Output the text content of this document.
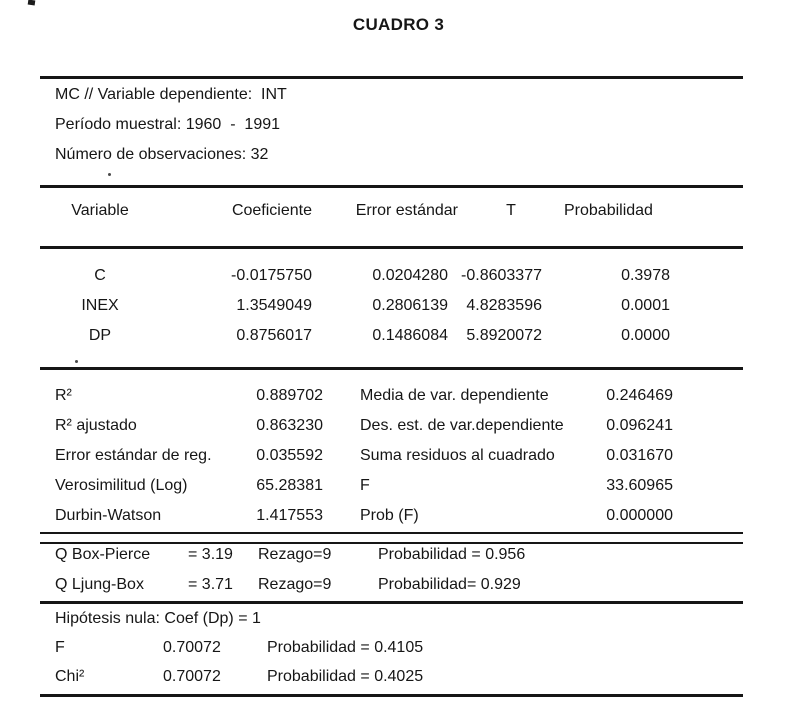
CUADRO 3
MC // Variable dependiente:  INT
Período muestral: 1960  -  1991
Número de observaciones: 32
Variable	Coeficiente	Error estándar	T	Probabilidad
C	-0.0175750	0.0204280 -0.8603377	0.3978
INEX	1.3549049	0.2806139	4.8283596	0.0001
DP	0.8756017	0.1486084	5.8920072	0.0000
R²	0.889702 Media de var. dependiente	0.246469
R² ajustado	0.863230 Des. est. de var.dependiente	0.096241
Error estándar de reg.	0.035592 Suma residuos al cuadrado	0.031670
Verosimilitud (Log)	65.28381 F	33.60965
Durbin-Watson	1.417553 Prob (F)	0.000000
Q Box-Pierce	= 3.19	Rezago=9	Probabilidad = 0.956
Q Ljung-Box	= 3.71	Rezago=9	Probabilidad= 0.929
Hipótesis nula: Coef (Dp) = 1
F	0.70072	Probabilidad = 0.4105
Chi²	0.70072	Probabilidad = 0.4025
